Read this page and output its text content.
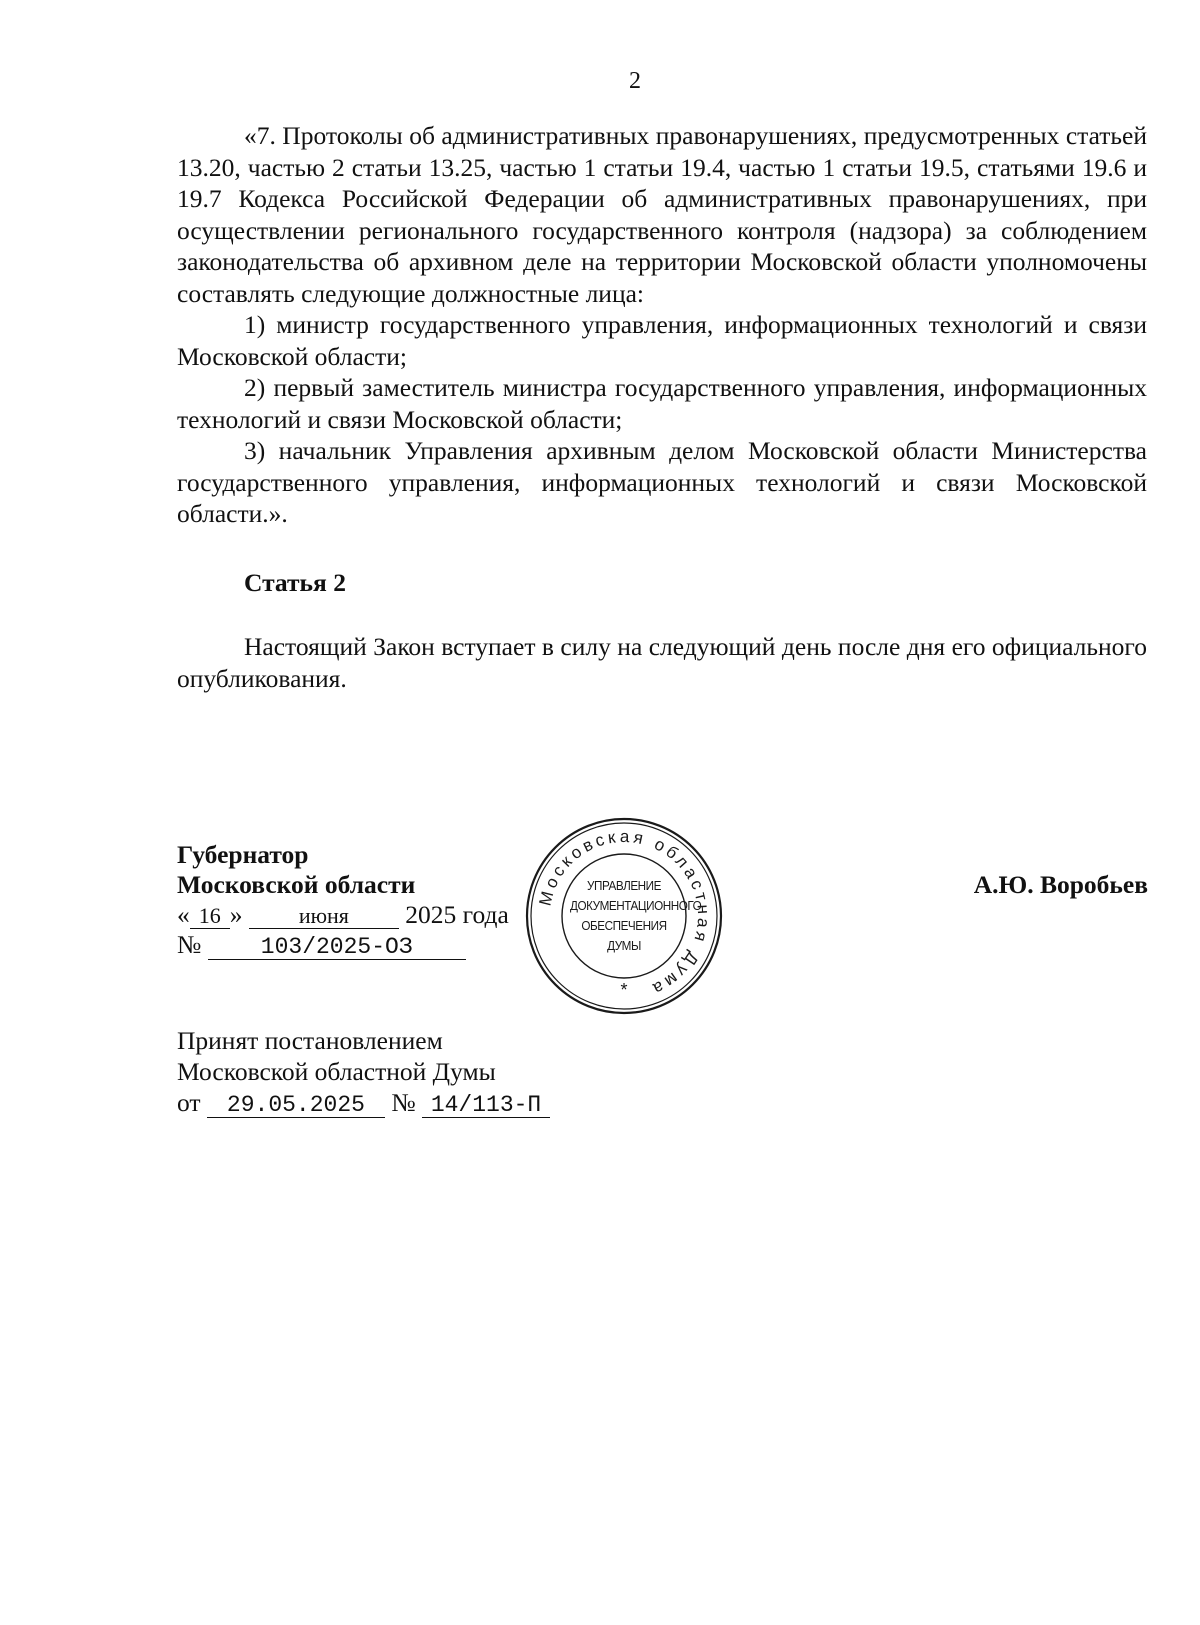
2

«7. Протоколы об административных правонарушениях, предусмотренных статьей 13.20, частью 2 статьи 13.25, частью 1 статьи 19.4, частью 1 статьи 19.5, статьями 19.6 и 19.7 Кодекса Российской Федерации об административных правонарушениях, при осуществлении регионального государственного контроля (надзора) за соблюдением законодательства об архивном деле на территории Московской области уполномочены составлять следующие должностные лица:

1) министр государственного управления, информационных технологий и связи Московской области;

2) первый заместитель министра государственного управления, информационных технологий и связи Московской области;

3) начальник Управления архивным делом Московской области Министерства государственного управления, информационных технологий и связи Московской области.».

Статья 2

Настоящий Закон вступает в силу на следующий день после дня его официального опубликования.

Губернатор
Московской области
« 16 »	июня 2025 года
№	103/2025-ОЗ
А.Ю. Воробьев
Московская областная Дума
*
УПРАВЛЕНИЕ
ДОКУМЕНТАЦИОННОГО
ОБЕСПЕЧЕНИЯ
ДУМЫ
Принят постановлением
Московской областной Думы
от 29.05.2025 № 14/113-П
